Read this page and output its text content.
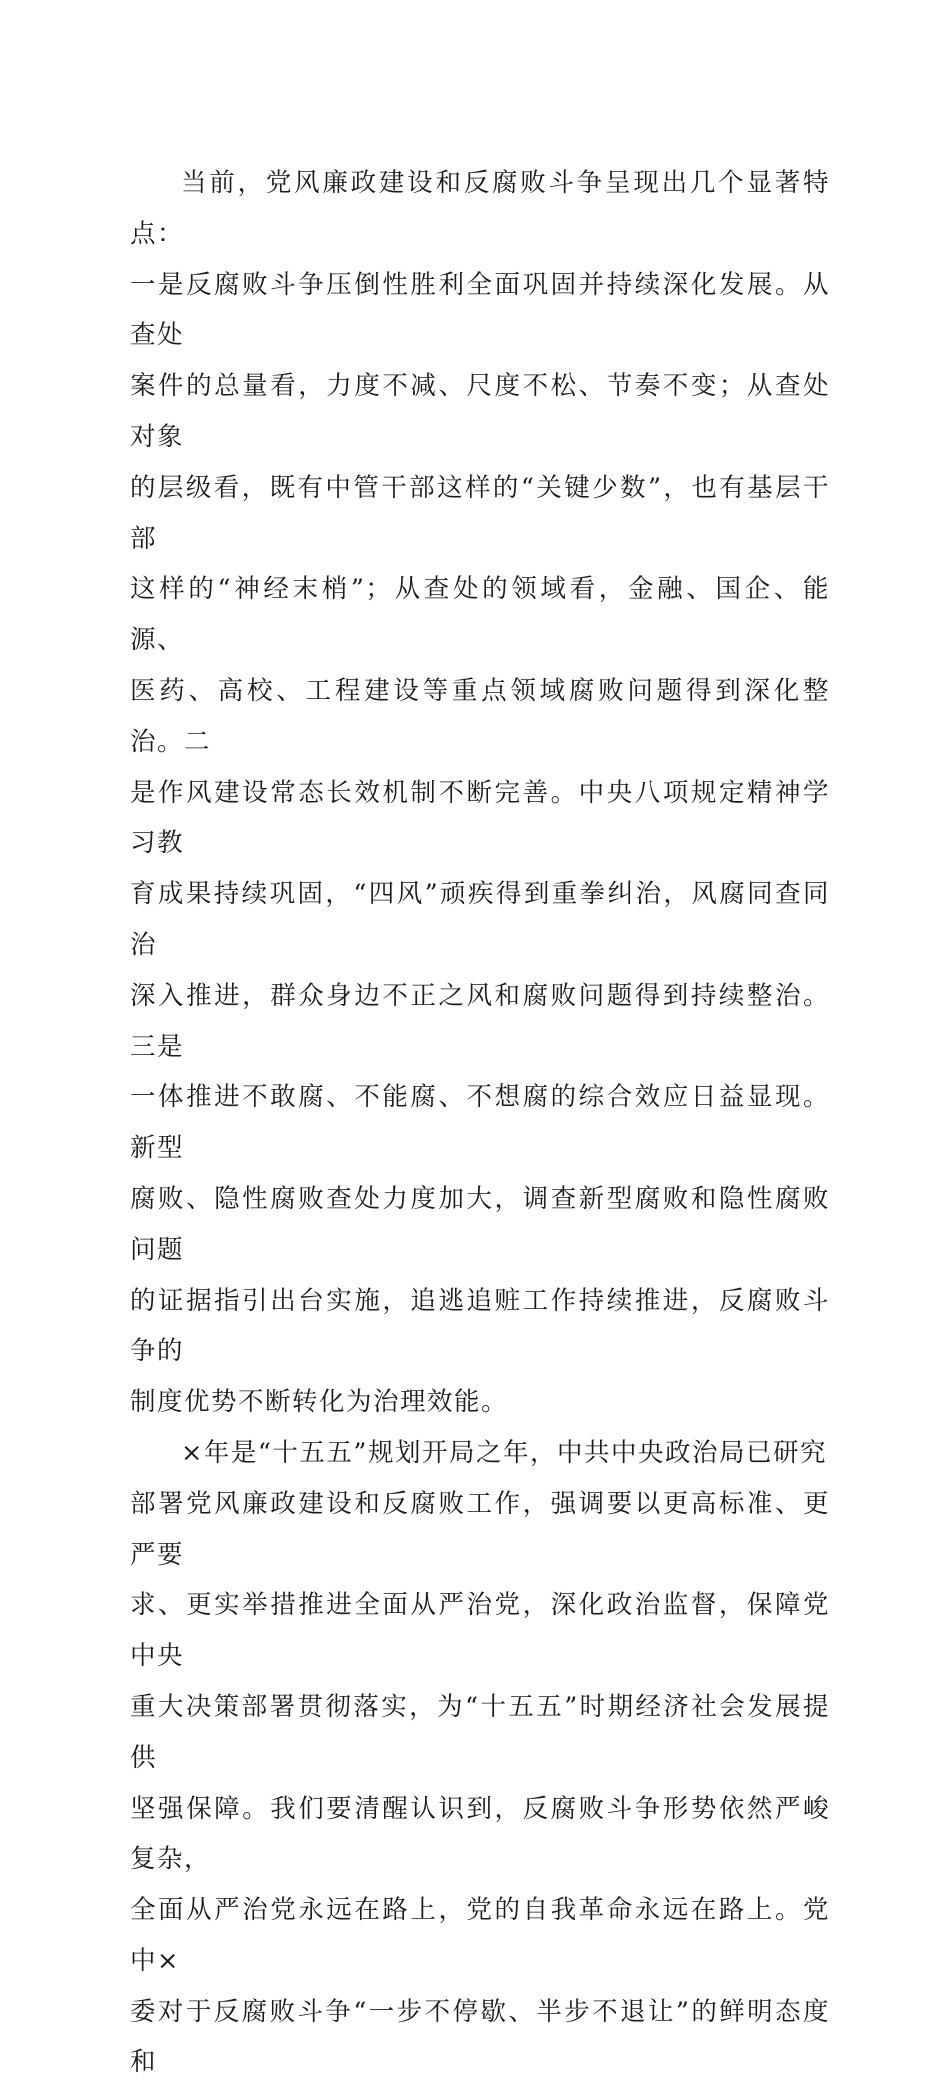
当前，党风廉政建设和反腐败斗争呈现出几个显著特点：
一是反腐败斗争压倒性胜利全面巩固并持续深化发展。从查处
案件的总量看，力度不减、尺度不松、节奏不变；从查处对象
的层级看，既有中管干部这样的“关键少数”，也有基层干部
这样的“神经末梢”；从查处的领域看，金融、国企、能源、
医药、高校、工程建设等重点领域腐败问题得到深化整治。二
是作风建设常态长效机制不断完善。中央八项规定精神学习教
育成果持续巩固，“四风”顽疾得到重拳纠治，风腐同查同治
深入推进，群众身边不正之风和腐败问题得到持续整治。三是
一体推进不敢腐、不能腐、不想腐的综合效应日益显现。新型
腐败、隐性腐败查处力度加大，调查新型腐败和隐性腐败问题
的证据指引出台实施，追逃追赃工作持续推进，反腐败斗争的
制度优势不断转化为治理效能。

×年是“十五五”规划开局之年，中共中央政治局已研究
部署党风廉政建设和反腐败工作，强调要以更高标准、更严要
求、更实举措推进全面从严治党，深化政治监督，保障党中央
重大决策部署贯彻落实，为“十五五”时期经济社会发展提供
坚强保障。我们要清醒认识到，反腐败斗争形势依然严峻复杂，
全面从严治党永远在路上，党的自我革命永远在路上。党中×
委对于反腐败斗争“一步不停歇、半步不退让”的鲜明态度和
